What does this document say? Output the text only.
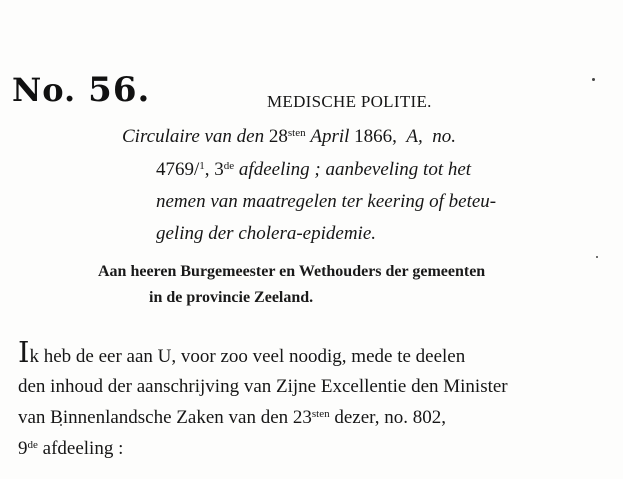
No. 56.	MEDISCHE POLITIE.
Circulaire van den $28^{sten}$ April 1866, A, no.
4769/$^1$, 3de afdeeling ; aanbeveling tot het
nemen van maatregelen ter keering of beteu-
geling der cholera-epidemie.
Aan heeren Burgemeester en Wethouders der gemeenten
in de provincie Zeeland.
Ik heb de eer aan U, voor zoo veel noodig, mede te deelen
den inhoud der aanschrijving van Zijne Excellentie den Minister
van Binnenlandsche Zaken van den $23^{sten}$ dezer, no. 802,
9de afdeeling :
